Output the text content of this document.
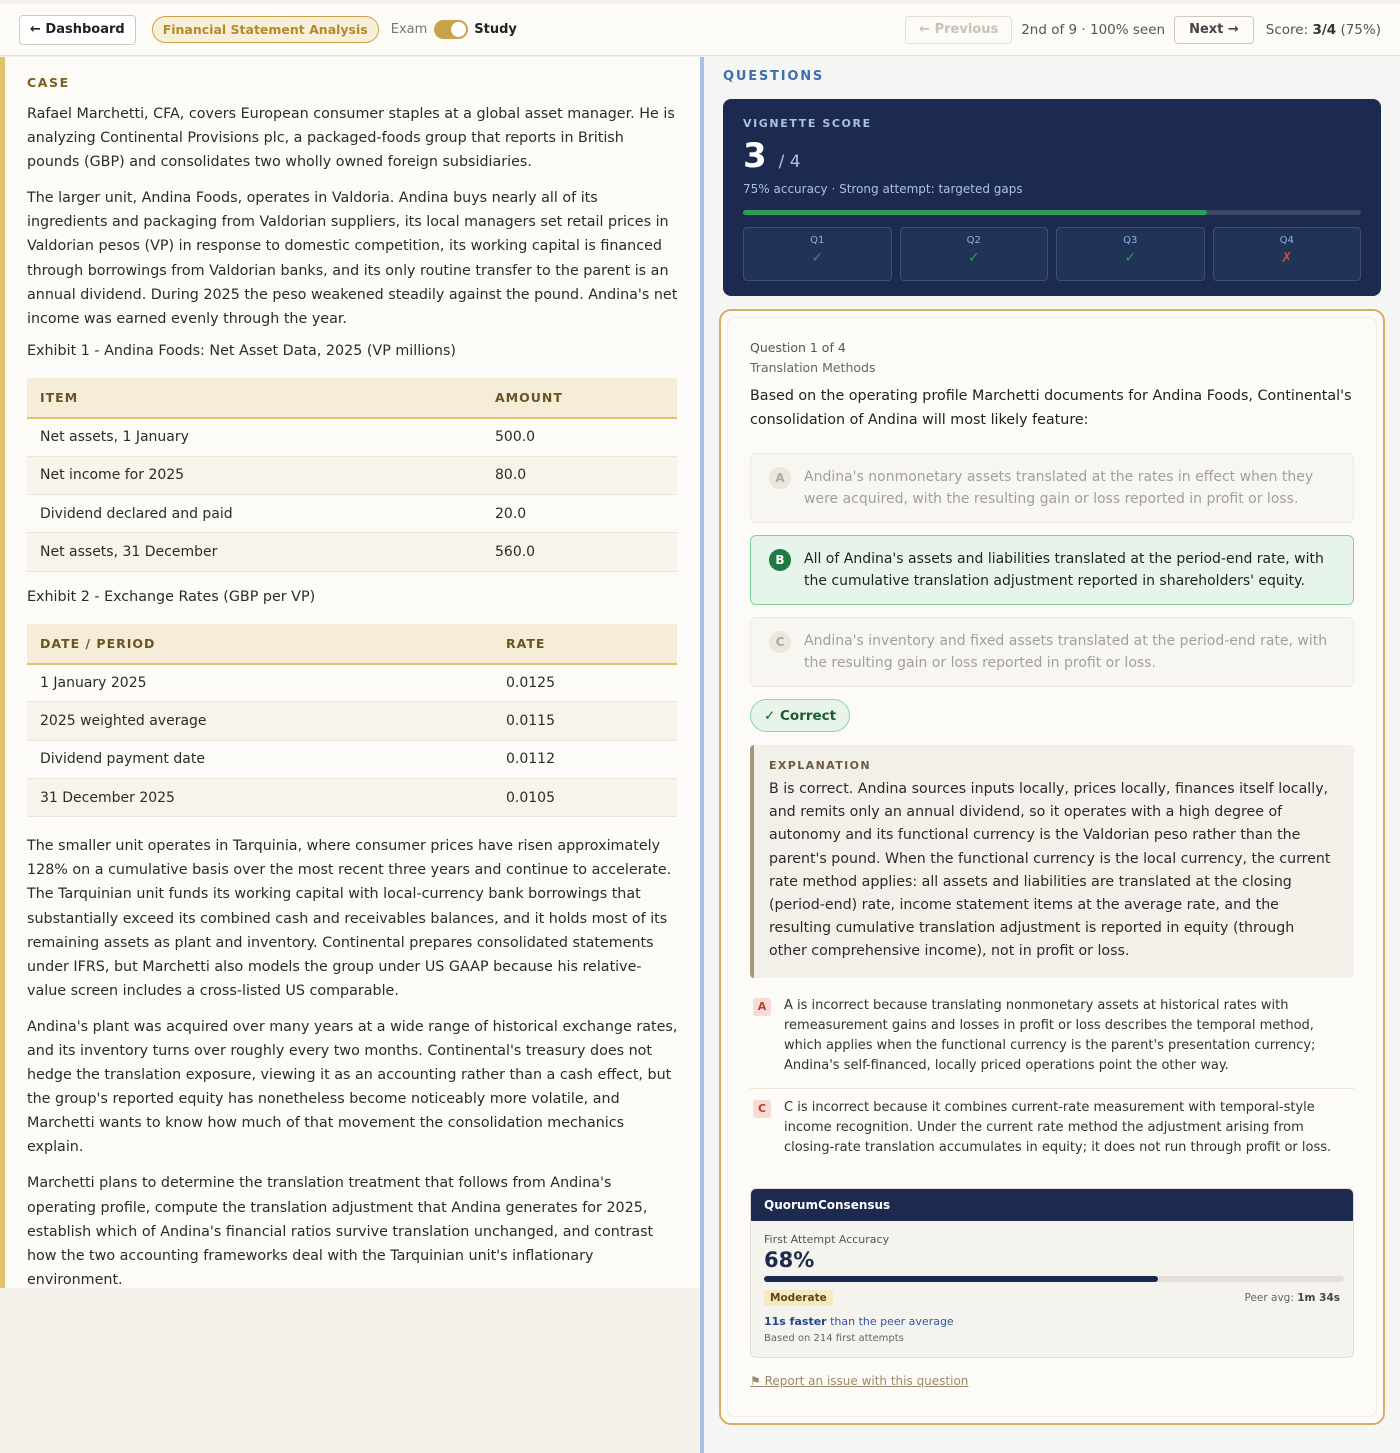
← Dashboard	Financial Statement Analysis	Exam	Study	← Previous	2nd of 9 · 100% seen	Next →	Score: 3/4 (75%)
CASE

Rafael Marchetti, CFA, covers European consumer staples at a global asset manager. He is analyzing Continental Provisions plc, a packaged-foods group that reports in British pounds (GBP) and consolidates two wholly owned foreign subsidiaries.

The larger unit, Andina Foods, operates in Valdoria. Andina buys nearly all of its ingredients and packaging from Valdorian suppliers, its local managers set retail prices in Valdorian pesos (VP) in response to domestic competition, its working capital is financed through borrowings from Valdorian banks, and its only routine transfer to the parent is an annual dividend. During 2025 the peso weakened steadily against the pound. Andina's net income was earned evenly through the year.

Exhibit 1 - Andina Foods: Net Asset Data, 2025 (VP millions)

ITEM	AMOUNT
Net assets, 1 January	500.0
Net income for 2025	80.0
Dividend declared and paid	20.0
Net assets, 31 December	560.0

Exhibit 2 - Exchange Rates (GBP per VP)

DATE / PERIOD	RATE
1 January 2025	0.0125
2025 weighted average	0.0115
Dividend payment date	0.0112
31 December 2025	0.0105

The smaller unit operates in Tarquinia, where consumer prices have risen approximately 128% on a cumulative basis over the most recent three years and continue to accelerate. The Tarquinian unit funds its working capital with local-currency bank borrowings that substantially exceed its combined cash and receivables balances, and it holds most of its remaining assets as plant and inventory. Continental prepares consolidated statements under IFRS, but Marchetti also models the group under US GAAP because his relative-value screen includes a cross-listed US comparable.

Andina's plant was acquired over many years at a wide range of historical exchange rates, and its inventory turns over roughly every two months. Continental's treasury does not hedge the translation exposure, viewing it as an accounting rather than a cash effect, but the group's reported equity has nonetheless become noticeably more volatile, and Marchetti wants to know how much of that movement the consolidation mechanics explain.

Marchetti plans to determine the translation treatment that follows from Andina's operating profile, compute the translation adjustment that Andina generates for 2025, establish which of Andina's financial ratios survive translation unchanged, and contrast how the two accounting frameworks deal with the Tarquinian unit's inflationary environment.

QUESTIONS
VIGNETTE SCORE
3 / 4
75% accuracy · Strong attempt: targeted gaps
Q1
✓
Q2
✓
Q3
✓
Q4
✗
Question 1 of 4
Translation Methods
Based on the operating profile Marchetti documents for Andina Foods, Continental's consolidation of Andina will most likely feature:
A	Andina's nonmonetary assets translated at the rates in effect when they were acquired, with the resulting gain or loss reported in profit or loss.
B	All of Andina's assets and liabilities translated at the period-end rate, with the cumulative translation adjustment reported in shareholders' equity.
C	Andina's inventory and fixed assets translated at the period-end rate, with the resulting gain or loss reported in profit or loss.
✓ Correct
EXPLANATION
B is correct. Andina sources inputs locally, prices locally, finances itself locally, and remits only an annual dividend, so it operates with a high degree of autonomy and its functional currency is the Valdorian peso rather than the parent's pound. When the functional currency is the local currency, the current rate method applies: all assets and liabilities are translated at the closing (period-end) rate, income statement items at the average rate, and the resulting cumulative translation adjustment is reported in equity (through other comprehensive income), not in profit or loss.
A	A is incorrect because translating nonmonetary assets at historical rates with remeasurement gains and losses in profit or loss describes the temporal method, which applies when the functional currency is the parent's presentation currency; Andina's self-financed, locally priced operations point the other way.
C	C is incorrect because it combines current-rate measurement with temporal-style income recognition. Under the current rate method the adjustment arising from closing-rate translation accumulates in equity; it does not run through profit or loss.
QuorumConsensus
First Attempt Accuracy
68%
Moderate	Peer avg: 1m 34s
11s faster than the peer average
Based on 214 first attempts
⚑ Report an issue with this question
